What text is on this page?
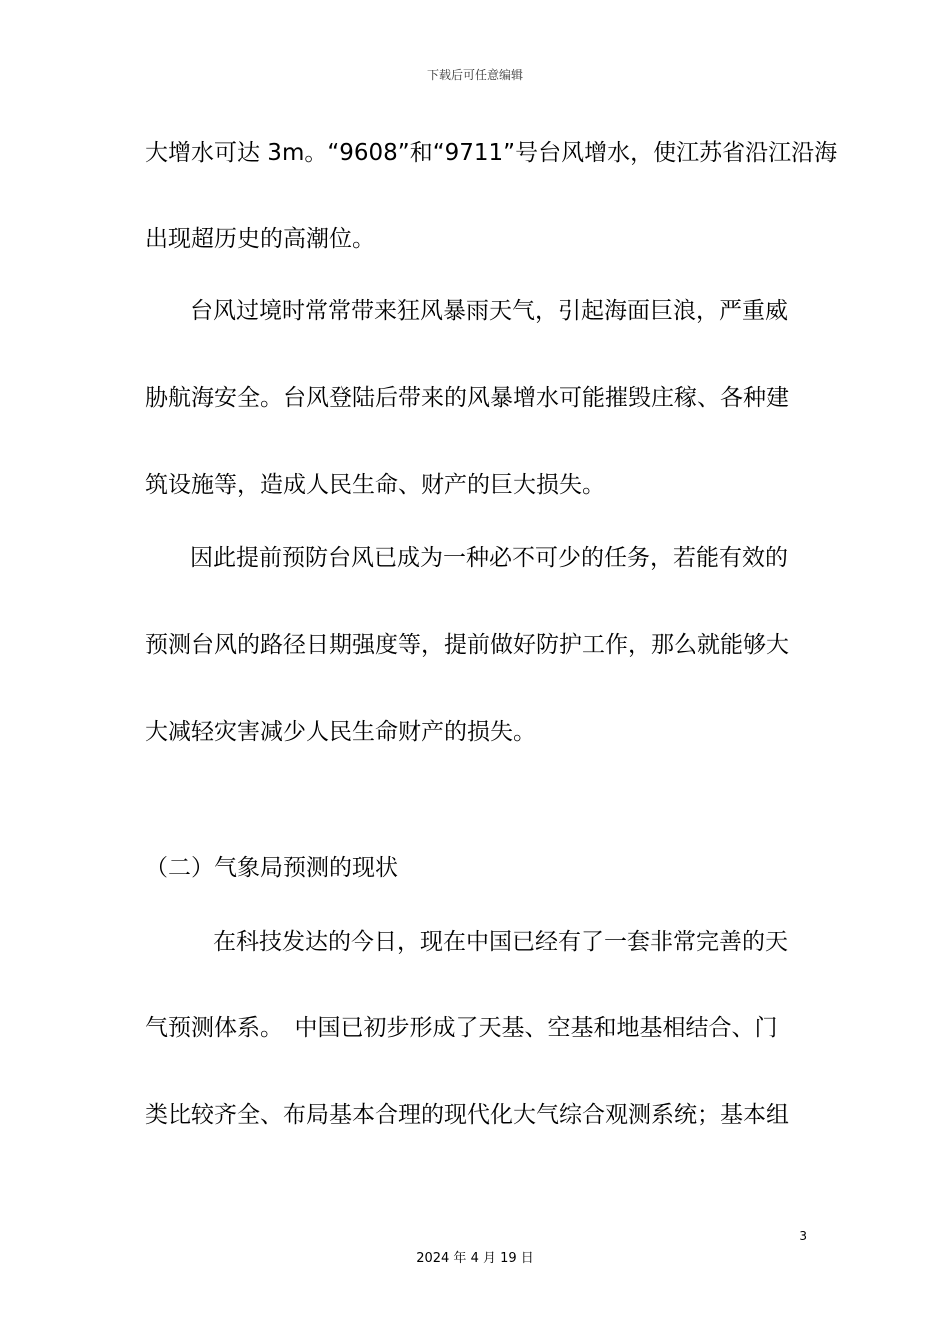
下载后可任意编辑
大增水可达 3m。“9608”和“9711”号台风增水，使江苏省沿江沿海
出现超历史的高潮位。
台风过境时常常带来狂风暴雨天气，引起海面巨浪，严重威
胁航海安全。台风登陆后带来的风暴增水可能摧毁庄稼、各种建
筑设施等，造成人民生命、财产的巨大损失。
因此提前预防台风已成为一种必不可少的任务，若能有效的
预测台风的路径日期强度等，提前做好防护工作，那么就能够大
大减轻灾害减少人民生命财产的损失。
（二）气象局预测的现状
在科技发达的今日，现在中国已经有了一套非常完善的天
气预测体系。　中国已初步形成了天基、空基和地基相结合、门
类比较齐全、布局基本合理的现代化大气综合观测系统；基本组
3
2024 年 4 月 19 日
